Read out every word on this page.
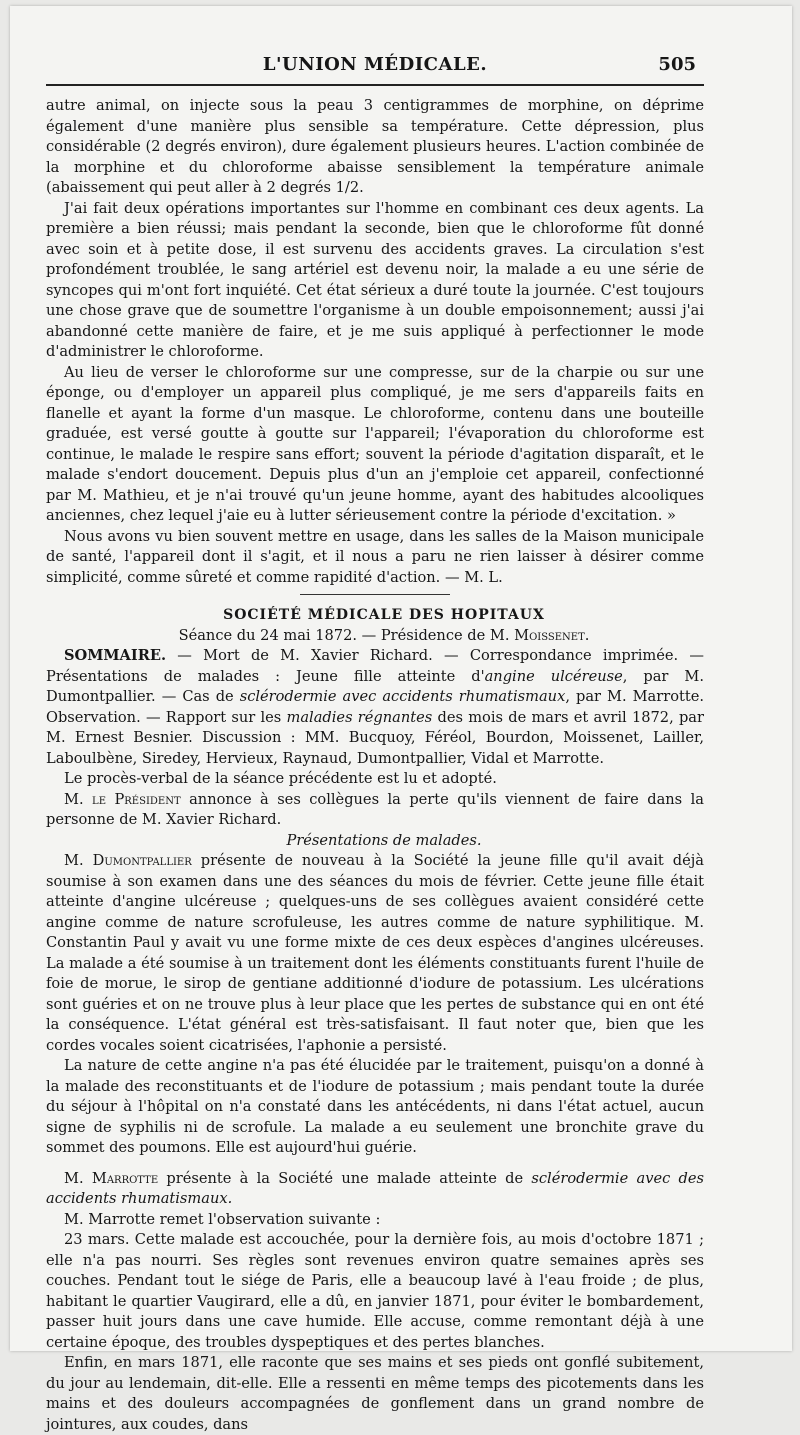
L'UNION MÉDICALE.	505

autre animal, on injecte sous la peau 3 centigrammes de morphine, on déprime également d'une manière plus sensible sa température. Cette dépression, plus considérable (2 degrés environ), dure également plusieurs heures. L'action combinée de la morphine et du chloroforme abaisse sensiblement la température animale (abaissement qui peut aller à 2 degrés 1/2.

J'ai fait deux opérations importantes sur l'homme en combinant ces deux agents. La première a bien réussi; mais pendant la seconde, bien que le chloroforme fût donné avec soin et à petite dose, il est survenu des accidents graves. La circulation s'est profondément troublée, le sang artériel est devenu noir, la malade a eu une série de syncopes qui m'ont fort inquiété. Cet état sérieux a duré toute la journée. C'est toujours une chose grave que de soumettre l'organisme à un double empoisonnement; aussi j'ai abandonné cette manière de faire, et je me suis appliqué à perfectionner le mode d'administrer le chloroforme.

Au lieu de verser le chloroforme sur une compresse, sur de la charpie ou sur une éponge, ou d'employer un appareil plus compliqué, je me sers d'appareils faits en flanelle et ayant la forme d'un masque. Le chloroforme, contenu dans une bouteille graduée, est versé goutte à goutte sur l'appareil; l'évaporation du chloroforme est continue, le malade le respire sans effort; souvent la période d'agitation disparaît, et le malade s'endort doucement. Depuis plus d'un an j'emploie cet appareil, confectionné par M. Mathieu, et je n'ai trouvé qu'un jeune homme, ayant des habitudes alcooliques anciennes, chez lequel j'aie eu à lutter sérieusement contre la période d'excitation. »

Nous avons vu bien souvent mettre en usage, dans les salles de la Maison municipale de santé, l'appareil dont il s'agit, et il nous a paru ne rien laisser à désirer comme simplicité, comme sûreté et comme rapidité d'action. — M. L.

SOCIÉTÉ MÉDICALE DES HOPITAUX

Séance du 24 mai 1872. — Présidence de M. Moissenet.

SOMMAIRE. — Mort de M. Xavier Richard. — Correspondance imprimée. — Présentations de malades : Jeune fille atteinte d'angine ulcéreuse, par M. Dumontpallier. — Cas de sclérodermie avec accidents rhumatismaux, par M. Marrotte. Observation. — Rapport sur les maladies régnantes des mois de mars et avril 1872, par M. Ernest Besnier. Discussion : MM. Bucquoy, Féréol, Bourdon, Moissenet, Lailler, Laboulbène, Siredey, Hervieux, Raynaud, Dumontpallier, Vidal et Marrotte.

Le procès-verbal de la séance précédente est lu et adopté.

M. le Président annonce à ses collègues la perte qu'ils viennent de faire dans la personne de M. Xavier Richard.

Présentations de malades.

M. Dumontpallier présente de nouveau à la Société la jeune fille qu'il avait déjà soumise à son examen dans une des séances du mois de février. Cette jeune fille était atteinte d'angine ulcéreuse ; quelques-uns de ses collègues avaient considéré cette angine comme de nature scrofuleuse, les autres comme de nature syphilitique. M. Constantin Paul y avait vu une forme mixte de ces deux espèces d'angines ulcéreuses. La malade a été soumise à un traitement dont les éléments constituants furent l'huile de foie de morue, le sirop de gentiane additionné d'iodure de potassium. Les ulcérations sont guéries et on ne trouve plus à leur place que les pertes de substance qui en ont été la conséquence. L'état général est très-satisfaisant. Il faut noter que, bien que les cordes vocales soient cicatrisées, l'aphonie a persisté.

La nature de cette angine n'a pas été élucidée par le traitement, puisqu'on a donné à la malade des reconstituants et de l'iodure de potassium ; mais pendant toute la durée du séjour à l'hôpital on n'a constaté dans les antécédents, ni dans l'état actuel, aucun signe de syphilis ni de scrofule. La malade a eu seulement une bronchite grave du sommet des poumons. Elle est aujourd'hui guérie.

M. Marrotte présente à la Société une malade atteinte de sclérodermie avec des accidents rhumatismaux.

M. Marrotte remet l'observation suivante :

23 mars. Cette malade est accouchée, pour la dernière fois, au mois d'octobre 1871 ; elle n'a pas nourri. Ses règles sont revenues environ quatre semaines après ses couches. Pendant tout le siége de Paris, elle a beaucoup lavé à l'eau froide ; de plus, habitant le quartier Vaugirard, elle a dû, en janvier 1871, pour éviter le bombardement, passer huit jours dans une cave humide. Elle accuse, comme remontant déjà à une certaine époque, des troubles dyspeptiques et des pertes blanches.

Enfin, en mars 1871, elle raconte que ses mains et ses pieds ont gonflé subitement, du jour au lendemain, dit-elle. Elle a ressenti en même temps des picotements dans les mains et des douleurs accompagnées de gonflement dans un grand nombre de jointures, aux coudes, dans
